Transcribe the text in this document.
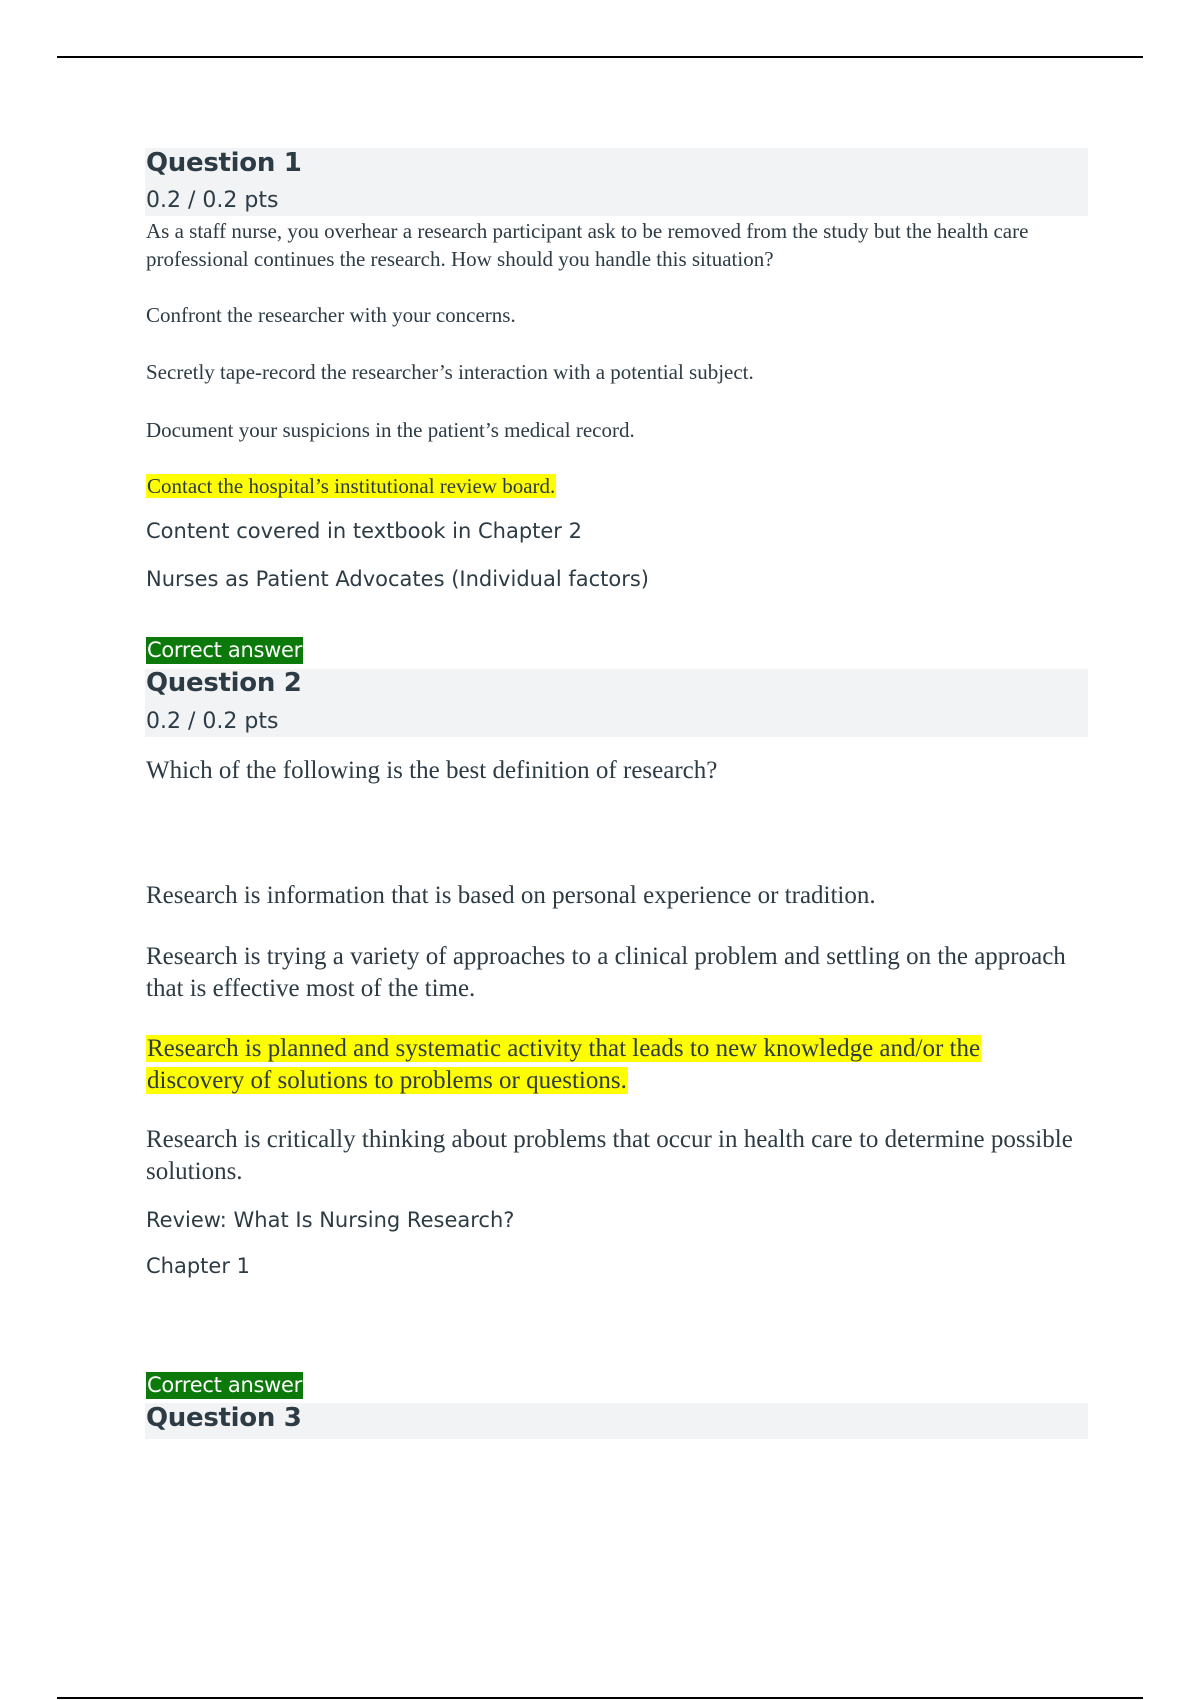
Question 1
0.2 / 0.2 pts
As a staff nurse, you overhear a research participant ask to be removed from the study but the health care professional continues the research. How should you handle this situation?
Confront the researcher with your concerns.
Secretly tape-record the researcher’s interaction with a potential subject.
Document your suspicions in the patient’s medical record.
Contact the hospital’s institutional review board.
Content covered in textbook in Chapter 2
Nurses as Patient Advocates (Individual factors)
Correct answer
Question 2
0.2 / 0.2 pts
Which of the following is the best definition of research?
Research is information that is based on personal experience or tradition.
Research is trying a variety of approaches to a clinical problem and settling on the approach that is effective most of the time.
Research is planned and systematic activity that leads to new knowledge and/or the discovery of solutions to problems or questions.
Research is critically thinking about problems that occur in health care to determine possible solutions.
Review: What Is Nursing Research?
Chapter 1
Correct answer
Question 3
